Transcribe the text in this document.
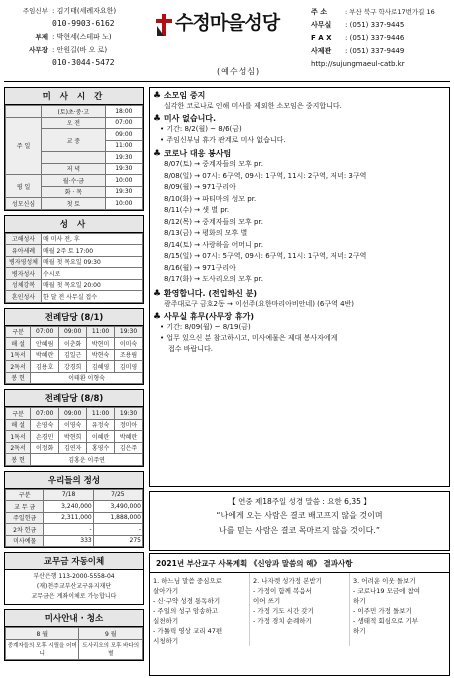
주임신부 : 김기태(세례자요한)
010-9903-6162
부제 : 박현세(스테파 노)
사무장 : 안원길(바 오 로)
010-3044-5472
수정마을성당
(예수성심)
주 소	: 부산 북구 학사로17번가길 16
사무실	: (051) 337-9445
F A X	: (051) 337-9446
사제관	: (051) 337-9449
http://sujungmaeul-catb.kr
미 사 시 간
	(토)초·중·고	18:00
주 일	오 전	07:00
	교 중	09:00
		11:00
		19:30
	저 녁	19:30
평 일	월·수·금	10:00
	화 · 목	19:30
성모신심	첫 토	10:00
성 사
고해성사	매 미사 전, 후
유아세례	매월 2주 토 17:00
병자영성체	매월 첫 목요일 09:30
병자성사	수시로
성체강복	매월 첫 목요일 20:00
혼인성사	한 달 전 사무실 접수
전례담당 (8/1)
구분	07:00	09:00	11:00	19:30
해 설	안혜림	이춘화	박현미	이미숙
1독서	박혜란	김일근	박현숙	조용림
2독서	김용호	강경희	김혜영	김미영
봉 헌	이태환 이형숙			
전례담당 (8/8)
구분	07:00	09:00	11:00	19:30
해 설	손영숙	이영숙	유정숙	정미아
1독서	손경민	박현희	이혜란	박혜란
2독서	이정화	김연자	홍영수	김은주
봉 헌	김홍운 이주연			
우리들의 정성
구분	7/18	7/25
교 무 금	3,240,000	3,490,000
주일헌금	2,311,000	1,888,000
2차 헌금	-	-
미사예물	333	275
교무금 자동이체
부산은행 113-2000-5558-04
(재)천주교부산교구유지재단
교무금은 계좌이체로 가능합니다
미사안내 · 청소
8 월	9 월
중계자들의 모후 시릴을 어머니	도사리오의 모후 바다의 별
♣ 소모임 중지
실각한 코로나로 인해 미사를 제외한 소모임은 중지합니다.
♣ 미사 없습니다.
• 기간: 8/2(월) ~ 8/6(금)
• 주임신부님 휴가 관계로 미사 없습니다.
♣ 코로나 대응 봉사팀
8/07(토) → 중계자들의 모후 pr.
8/08(일) → 07시: 6구역, 09시: 1구역, 11시: 2구역, 저녁: 3구역
8/09(월) → 971구리아
8/10(화) → 파티마의 성모 pr.
8/11(수) → 샛 별 pr.
8/12(목) → 중계자들의 모후 pr.
8/13(금) → 평화의 모후 별
8/14(토) → 사랑하올 어머니 pr.
8/15(일) → 07시: 5구역, 09시: 6구역, 11시: 1구역, 저녁: 2구역
8/16(월) → 971구리아
8/17(화) → 도사리오의 모후 pr.
♣ 환영합니다. (전입하신 분)
광주대로구 금호2동 → 이선주(요한마리아비안네) (6구역 4반)
♣ 사무실 휴무(사무장 휴가)
• 기간: 8/09(월) ~ 8/19(금)
• 업무 있으신 분 참고하시고, 미사예물은 제대 봉사자에게
접수 바랍니다.
【 연중 제18주일 성경 말씀 : 요한 6,35 】
“나에게 오는 사람은 결코 배고프지 않을 것이며
나를 믿는 사람은 결코 목마르지 않을 것이다.”
2021년 부산교구 사목계획 《신앙과 말씀의 해》 결과사항
1. 하느님 말씀 중심으로
살아가기
- 신·구약 성경 통독하기
- 주일의 성구 암송하고
실천하기
- 가톨릭 영상 교리 47편
시청하기
2. 나자렛 성가정 본받기
- 가정이 함께 복음서
이어 쓰기
- 가정 기도 시간 갖기
- 가정 경치 순례하기
3. 어려운 이웃 돌보기
- 코로나19 모금에 참여
하기
- 이주민 가정 돌보기
- 생태적 회심으로 기부
하기
